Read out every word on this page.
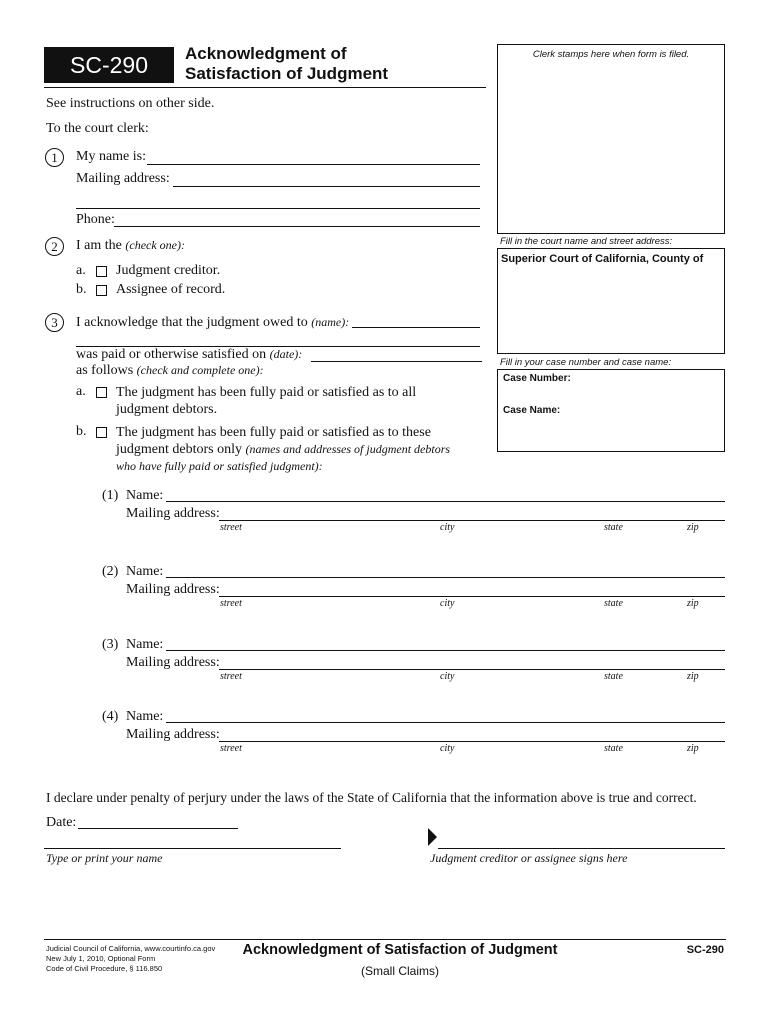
SC-290	Acknowledgment of
Satisfaction of Judgment
See instructions on other side.
To the court clerk:
1	My name is:
Mailing address:
Phone:
2	I am the (check one):
a. Judgment creditor.
b. Assignee of record.
3	I acknowledge that the judgment owed to (name):
was paid or otherwise satisfied on (date):
as follows (check and complete one):
a. The judgment has been fully paid or satisfied as to all
judgment debtors.
b. The judgment has been fully paid or satisfied as to these
judgment debtors only (names and addresses of judgment debtors
who have fully paid or satisfied judgment):
Clerk stamps here when form is filed.
Fill in the court name and street address:
Superior Court of California, County of
Fill in your case number and case name:
Case Number:
Case Name:
(1) Name:
Mailing address:
street	city	state	zip
(2) Name:
Mailing address:
street	city	state	zip
(3) Name:
Mailing address:
street	city	state	zip
(4) Name:
Mailing address:
street	city	state	zip
I declare under penalty of perjury under the laws of the State of California that the information above is true and correct.
Date:
Type or print your name	Judgment creditor or assignee signs here
Judicial Council of California, www.courtinfo.ca.gov
New July 1, 2010, Optional Form
Code of Civil Procedure, § 116.850
Acknowledgment of Satisfaction of Judgment
(Small Claims)
SC-290
